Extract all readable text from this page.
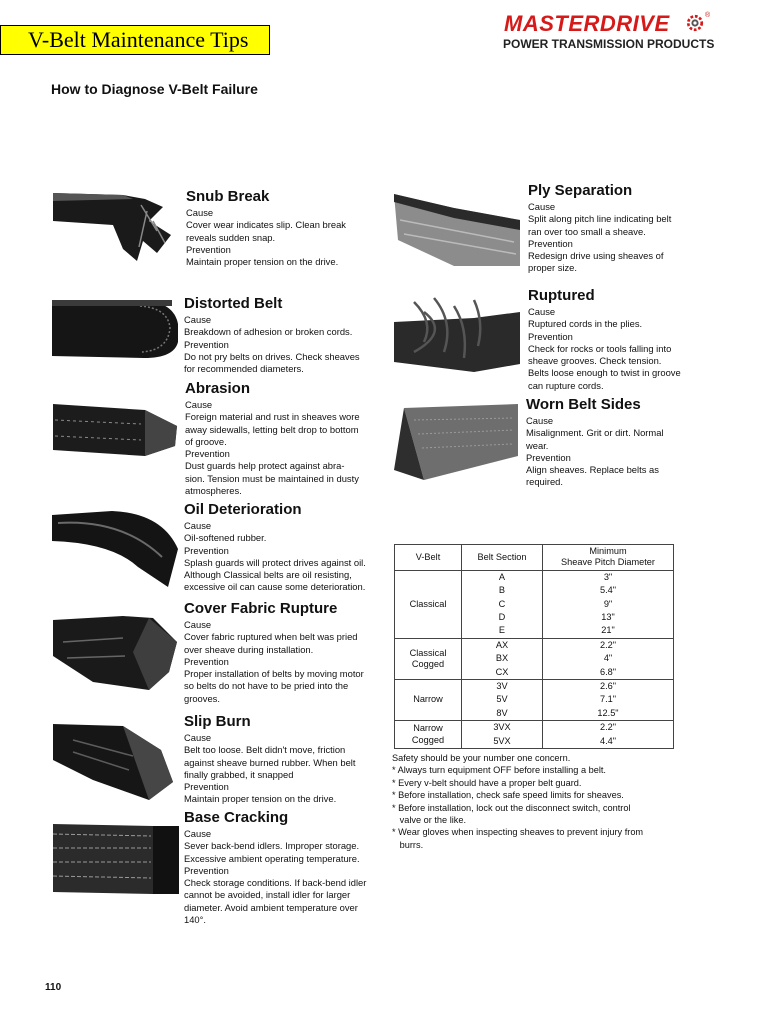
V-Belt Maintenance Tips
MASTERDRIVE	®
POWER TRANSMISSION PRODUCTS
How to Diagnose V-Belt Failure
Snub Break
Cause
Cover wear indicates slip. Clean break
reveals sudden snap.
Prevention
Maintain proper tension on the drive.
Distorted Belt
Cause
Breakdown of adhesion or broken cords.
Prevention
Do not pry belts on drives. Check sheaves
for recommended diameters.
Abrasion
Cause
Foreign material and rust in sheaves wore
away sidewalls, letting belt drop to bottom
of groove.
Prevention
Dust guards help protect against abra-
sion. Tension must be maintained in dusty
atmospheres.
Oil Deterioration
Cause
Oil-softened rubber.
Prevention
Splash guards will protect drives against oil.
Although Classical belts are oil resisting,
excessive oil can cause some deterioration.
Cover Fabric Rupture
Cause
Cover fabric ruptured when belt was pried
over sheave during installation.
Prevention
Proper installation of belts by moving motor
so belts do not have to be pried into the
grooves.
Slip Burn
Cause
Belt too loose. Belt didn't move, friction
against sheave burned rubber. When belt
finally grabbed, it snapped
Prevention
Maintain proper tension on the drive.
Base Cracking
Cause
Sever back-bend idlers. Improper storage.
Excessive ambient operating temperature.
Prevention
Check storage conditions. If back-bend idler
cannot be avoided, install idler for larger
diameter. Avoid ambient temperature over
140°.
Ply Separation
Cause
Split along pitch line indicating belt
ran over too small a sheave.
Prevention
Redesign drive using sheaves of
proper size.
Ruptured
Cause
Ruptured cords in the plies.
Prevention
Check for rocks or tools falling into
sheave grooves. Check tension.
Belts loose enough to twist in groove
can rupture cords.
Worn Belt Sides
Cause
Misalignment. Grit or dirt. Normal
wear.
Prevention
Align sheaves. Replace belts as
required.
V-Belt	Belt Section	Minimum
Sheave Pitch Diameter

Classical	A	3"
	B	5.4"
	C	9"
	D	13"
	E	21"

Classical
Cogged	AX	2.2"
	BX	4"
	CX	6.8"
Narrow	3V	2.6"
	5V	7.1"
	8V	12.5"

Narrow
Cogged	3VX	2.2"
	5VX	4.4"
Safety should be your number one concern.
* Always turn equipment OFF before installing a belt.
* Every v-belt should have a proper belt guard.
* Before installation, check safe speed limits for sheaves.
* Before installation, lock out the disconnect switch, control
valve or the like.
* Wear gloves when inspecting sheaves to prevent injury from
burrs.
110
